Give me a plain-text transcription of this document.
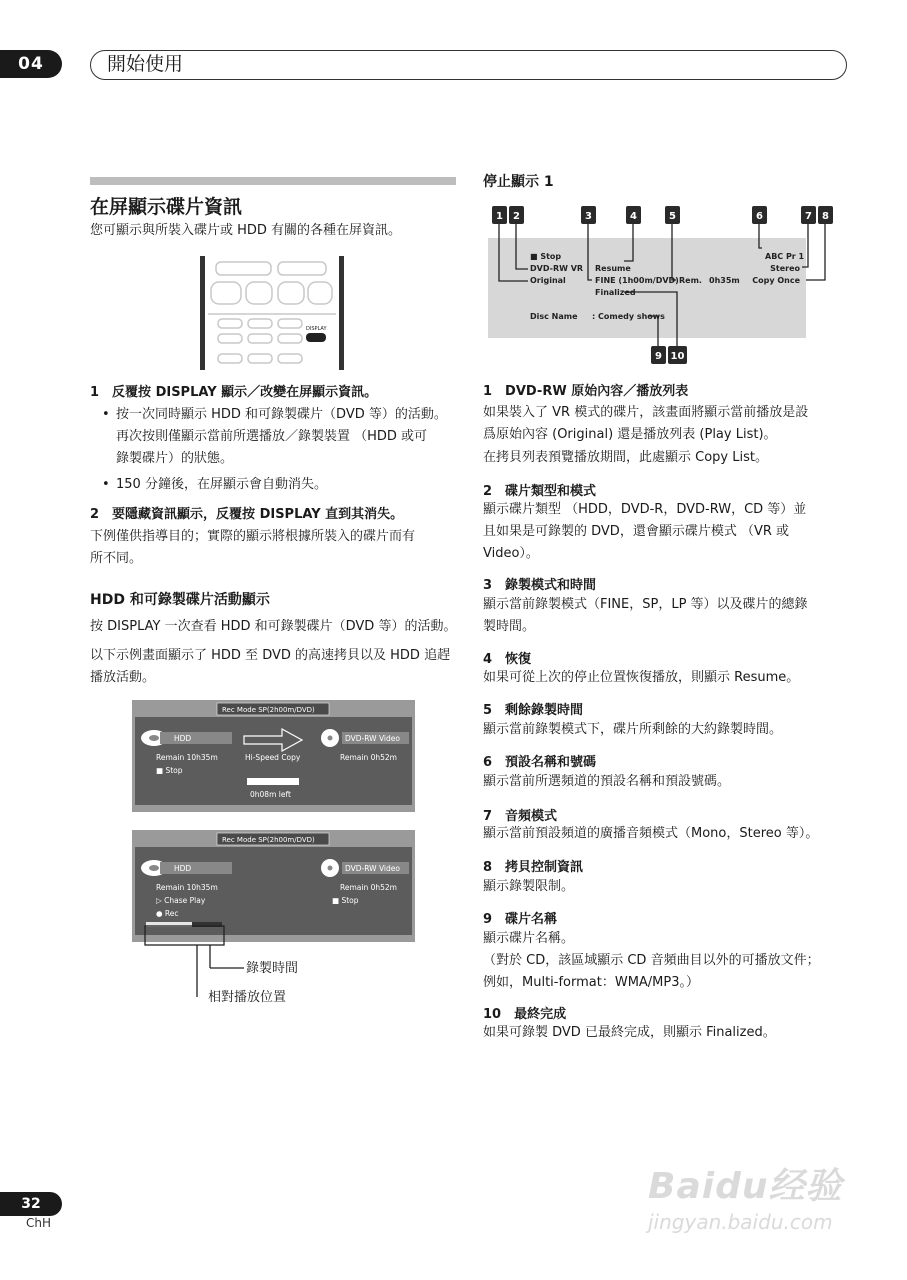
04	開始使用
在屏顯示碟片資訊
您可顯示與所裝入碟片或 HDD 有關的各種在屏資訊。
DISPLAY
1　反覆按 DISPLAY 顯示／改變在屏顯示資訊。
• 按一次同時顯示 HDD 和可錄製碟片（DVD 等）的活動。
再次按則僅顯示當前所選播放／錄製裝置 （HDD 或可
錄製碟片）的狀態。
• 150 分鐘後，在屏顯示會自動消失。
2　要隱藏資訊顯示，反覆按 DISPLAY 直到其消失。
下例僅供指導目的；實際的顯示將根據所裝入的碟片而有
所不同。
HDD 和可錄製碟片活動顯示
按 DISPLAY 一次查看 HDD 和可錄製碟片（DVD 等）的活動。
以下示例畫面顯示了 HDD 至 DVD 的高速拷貝以及 HDD 追趕
播放活動。
Rec Mode SP(2h00m/DVD)
HDD
Remain 10h35m
■ Stop
Hi-Speed Copy
0h08m left
DVD-RW Video
Remain 0h52m
Rec Mode SP(2h00m/DVD)
HDD
Remain 10h35m
▷ Chase Play
● Rec
DVD-RW Video
Remain 0h52m
■ Stop
錄製時間
相對播放位置
停止顯示 1
1 2	3	4	5	6	7 8
9 10
■ Stop
DVD-RW VR
Original
Resume
FINE (1h00m/DVD)
Finalized
Rem. 0h35m
ABC Pr 1
Stereo
Copy Once
Disc Name : Comedy shows
1　DVD-RW 原始內容／播放列表
如果裝入了 VR 模式的碟片，該畫面將顯示當前播放是設
爲原始內容 (Original) 還是播放列表 (Play List)。
在拷貝列表預覽播放期間，此處顯示 Copy List。
2　碟片類型和模式
顯示碟片類型 （HDD，DVD-R，DVD-RW，CD 等）並
且如果是可錄製的 DVD，還會顯示碟片模式 （VR 或
Video）。
3　錄製模式和時間
顯示當前錄製模式（FINE，SP，LP 等）以及碟片的總錄
製時間。
4　恢復
如果可從上次的停止位置恢復播放，則顯示 Resume。
5　剩餘錄製時間
顯示當前錄製模式下，碟片所剩餘的大約錄製時間。
6　預設名稱和號碼
顯示當前所選頻道的預設名稱和預設號碼。
7　音頻模式
顯示當前預設頻道的廣播音頻模式（Mono，Stereo 等）。
8　拷貝控制資訊
顯示錄製限制。
9　碟片名稱
顯示碟片名稱。
（對於 CD，該區域顯示 CD 音頻曲目以外的可播放文件；
例如，Multi-format：WMA/MP3。）
10　最終完成
如果可錄製 DVD 已最終完成，則顯示 Finalized。
32
ChH
Baidu经验
jingyan.baidu.com
